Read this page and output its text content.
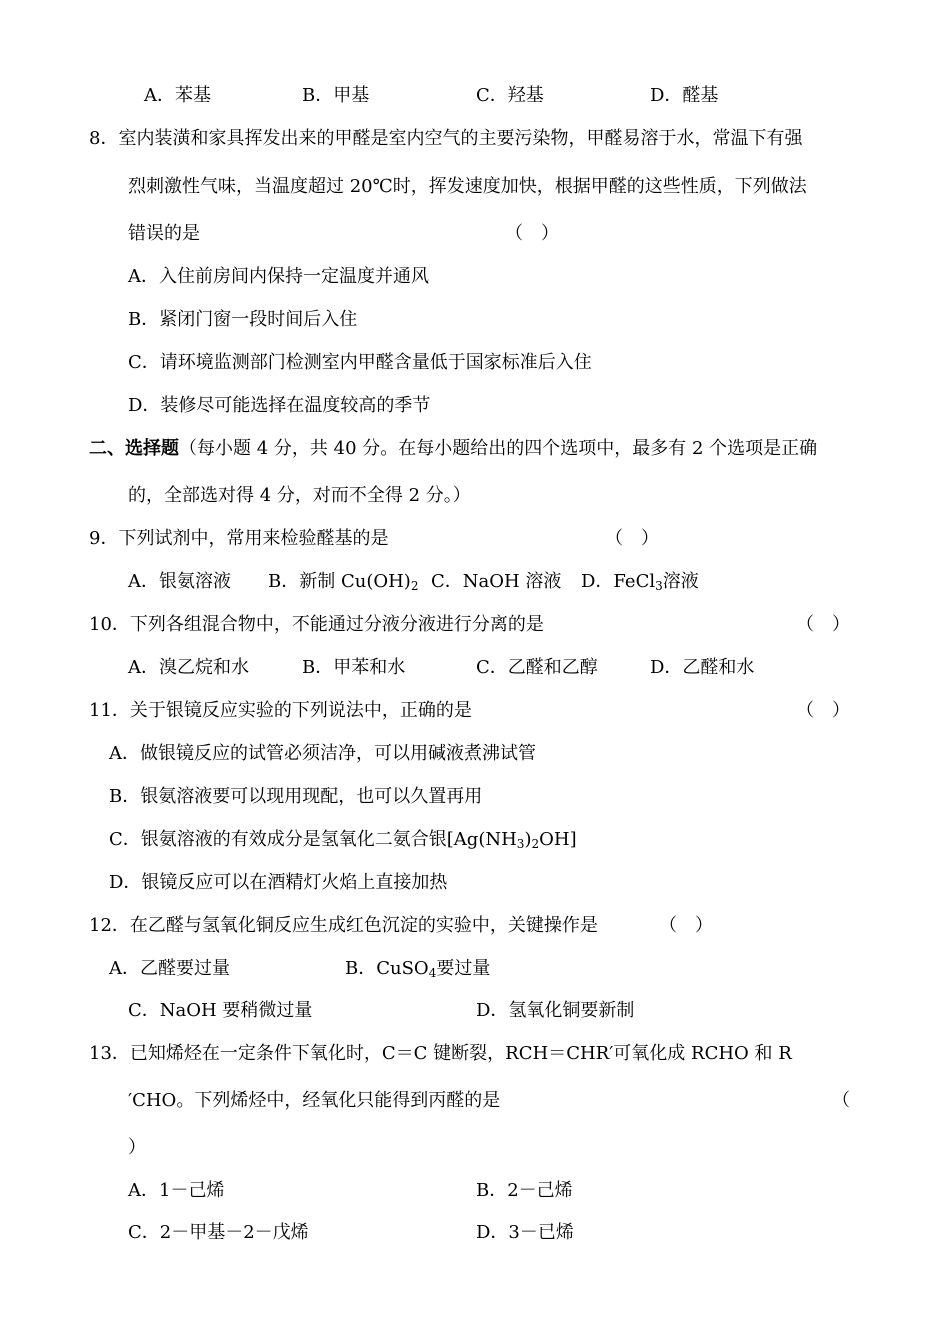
A．苯基	B．甲基	C．羟基	D．醛基
8．室内装潢和家具挥发出来的甲醛是室内空气的主要污染物，甲醛易溶于水，常温下有强
烈刺激性气味，当温度超过 20℃时，挥发速度加快，根据甲醛的这些性质，下列做法
错误的是	（　）
A．入住前房间内保持一定温度并通风
B．紧闭门窗一段时间后入住
C．请环境监测部门检测室内甲醛含量低于国家标准后入住
D．装修尽可能选择在温度较高的季节
二、选择题（每小题 4 分，共 40 分。在每小题给出的四个选项中，最多有 2 个选项是正确
的，全部选对得 4 分，对而不全得 2 分。）
9．下列试剂中，常用来检验醛基的是	（　）
A．银氨溶液 B．新制 $Cu(OH)_2$ C．NaOH 溶液 D．FeCl$_3$溶液
10．下列各组混合物中，不能通过分液分液进行分离的是	（　）
A．溴乙烷和水	B．甲苯和水	C．乙醛和乙醇	D．乙醛和水
11．关于银镜反应实验的下列说法中，正确的是	（　）
A．做银镜反应的试管必须洁净，可以用碱液煮沸试管
B．银氨溶液要可以现用现配，也可以久置再用
C．银氨溶液的有效成分是氢氧化二氨合银$[Ag(NH_3)_2OH]$
D．银镜反应可以在酒精灯火焰上直接加热
12．在乙醛与氢氧化铜反应生成红色沉淀的实验中，关键操作是	（　）
A．乙醛要过量	B．CuSO$_4$要过量
C．NaOH 要稍微过量	D．氢氧化铜要新制
13．已知烯烃在一定条件下氧化时，C＝C 键断裂，RCH＝CHR′可氧化成 RCHO 和 R
′CHO。下列烯烃中，经氧化只能得到丙醛的是	（
）
A．1－己烯	B．2－己烯
C．2－甲基－2－戊烯	D．3－已烯
